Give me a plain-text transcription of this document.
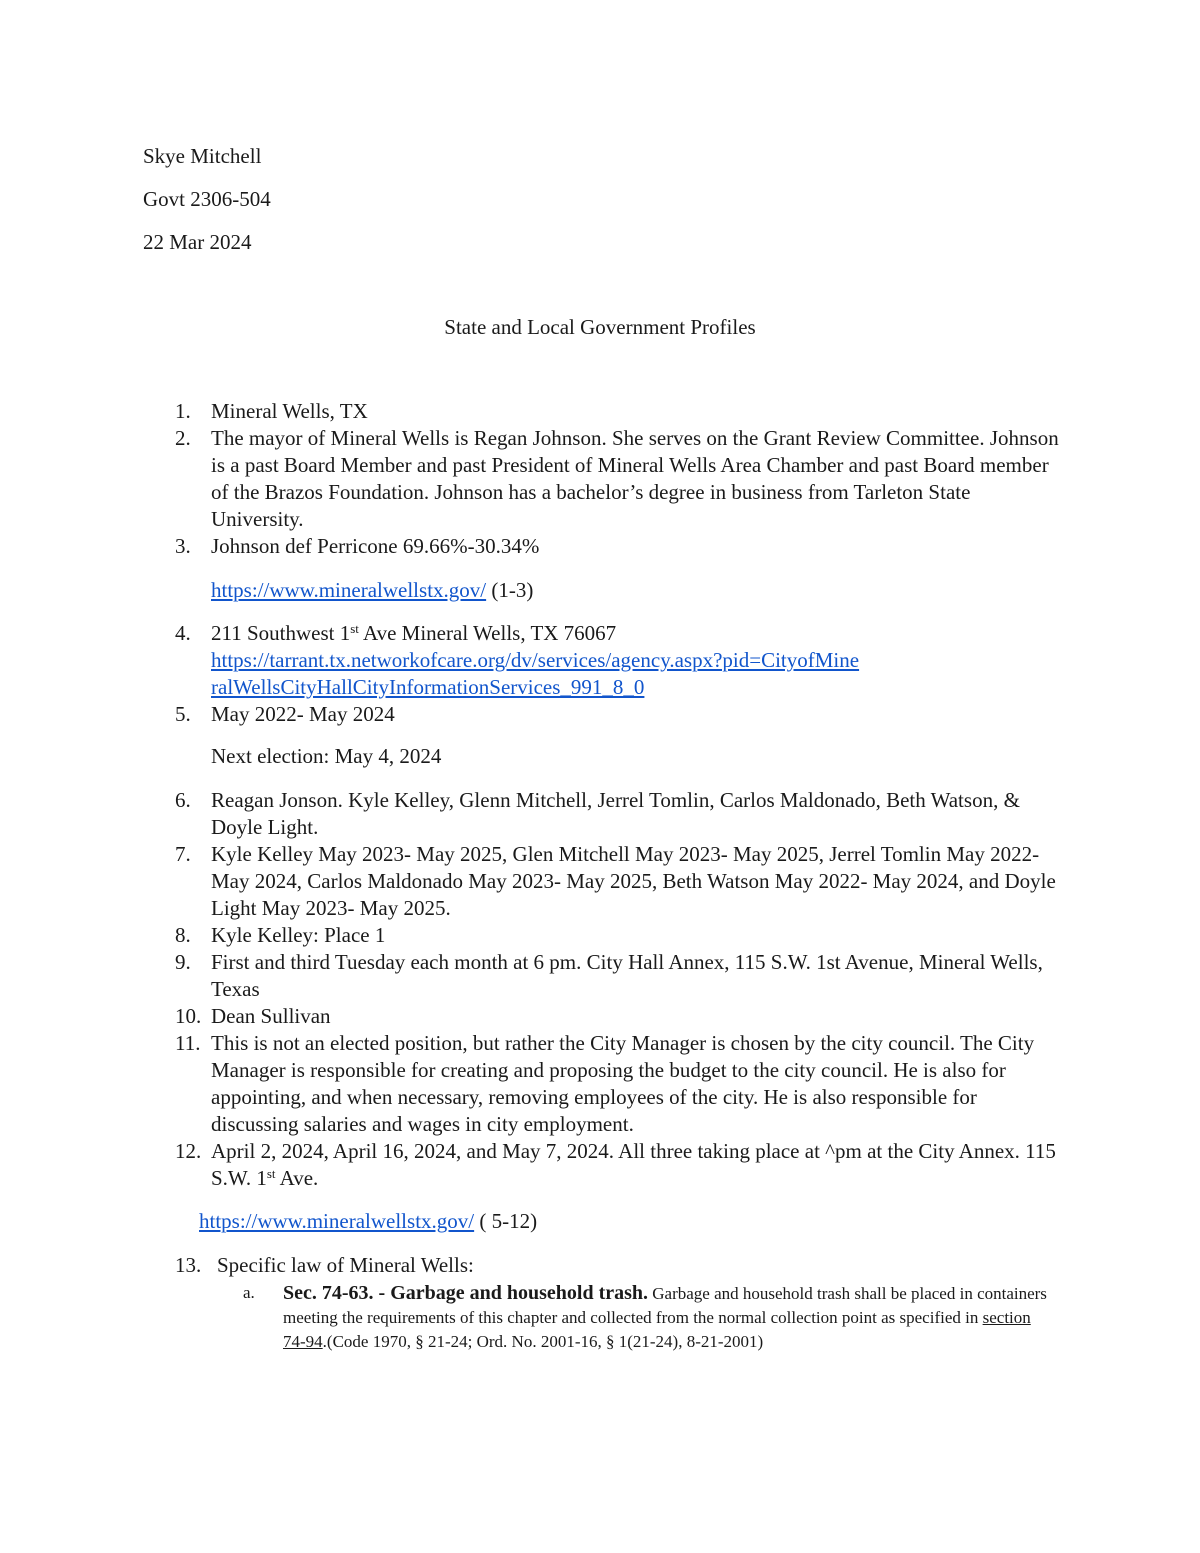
Skye Mitchell
Govt 2306-504
22 Mar 2024
State and Local Government Profiles
1. Mineral Wells, TX
2. The mayor of Mineral Wells is Regan Johnson. She serves on the Grant Review Committee. Johnson is a past Board Member and past President of Mineral Wells Area Chamber and past Board member of the Brazos Foundation. Johnson has a bachelor’s degree in business from Tarleton State University.
3. Johnson def Perricone 69.66%-30.34%
https://www.mineralwellstx.gov/ (1-3)
4. 211 Southwest 1st Ave Mineral Wells, TX 76067
https://tarrant.tx.networkofcare.org/dv/services/agency.aspx?pid=CityofMineralWellsCityHallCityInformationServices_991_8_0
5. May 2022- May 2024
Next election: May 4, 2024
6. Reagan Jonson. Kyle Kelley, Glenn Mitchell, Jerrel Tomlin, Carlos Maldonado, Beth Watson, & Doyle Light.
7. Kyle Kelley May 2023- May 2025, Glen Mitchell May 2023- May 2025, Jerrel Tomlin May 2022- May 2024, Carlos Maldonado May 2023- May 2025, Beth Watson May 2022- May 2024, and Doyle Light May 2023- May 2025.
8. Kyle Kelley: Place 1
9. First and third Tuesday each month at 6 pm. City Hall Annex, 115 S.W. 1st Avenue, Mineral Wells, Texas
10. Dean Sullivan
11. This is not an elected position, but rather the City Manager is chosen by the city council. The City Manager is responsible for creating and proposing the budget to the city council. He is also for appointing, and when necessary, removing employees of the city. He is also responsible for discussing salaries and wages in city employment.
12. April 2, 2024, April 16, 2024, and May 7, 2024. All three taking place at ^pm at the City Annex. 115 S.W. 1st Ave.
https://www.mineralwellstx.gov/ ( 5-12)
13. Specific law of Mineral Wells:
a. Sec. 74-63. - Garbage and household trash. Garbage and household trash shall be placed in containers meeting the requirements of this chapter and collected from the normal collection point as specified in section 74-94.(Code 1970, § 21-24; Ord. No. 2001-16, § 1(21-24), 8-21-2001)
